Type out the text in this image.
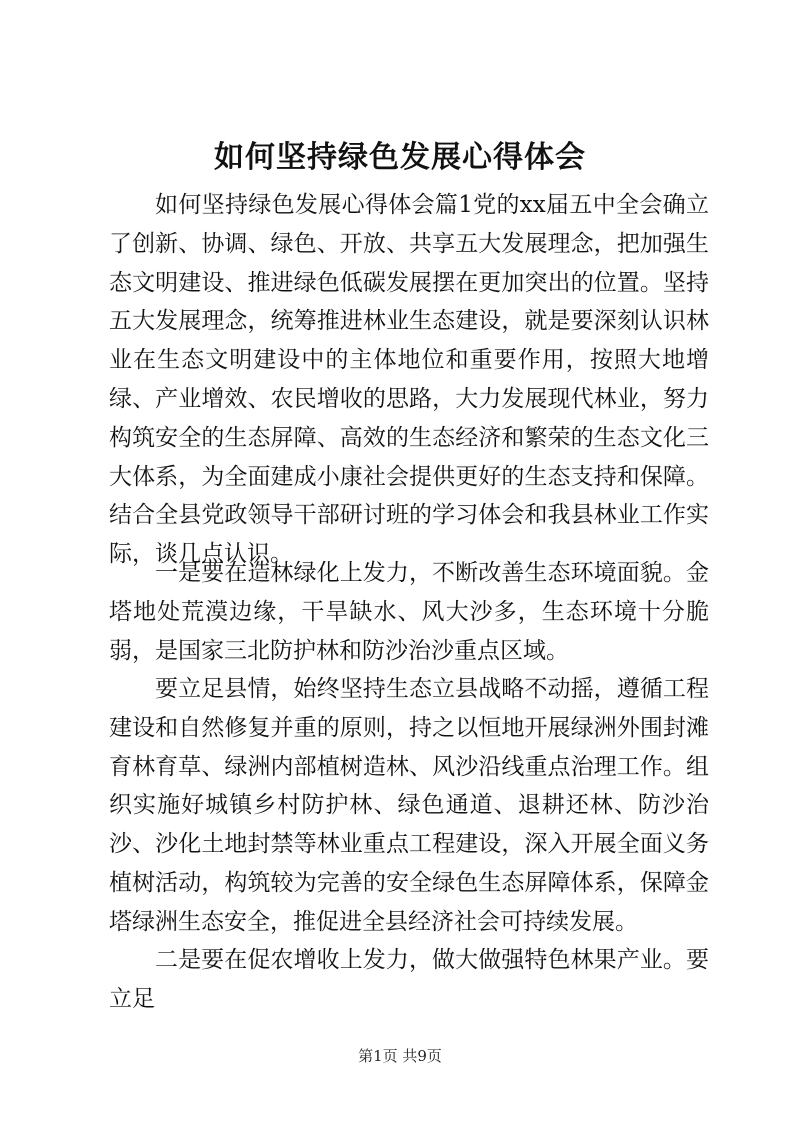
如何坚持绿色发展心得体会

如何坚持绿色发展心得体会篇1党的xx届五中全会确立了创新、协调、绿色、开放、共享五大发展理念，把加强生态文明建设、推进绿色低碳发展摆在更加突出的位置。坚持五大发展理念，统筹推进林业生态建设，就是要深刻认识林业在生态文明建设中的主体地位和重要作用，按照大地增绿、产业增效、农民增收的思路，大力发展现代林业，努力构筑安全的生态屏障、高效的生态经济和繁荣的生态文化三大体系，为全面建成小康社会提供更好的生态支持和保障。结合全县党政领导干部研讨班的学习体会和我县林业工作实际，谈几点认识。

一是要在造林绿化上发力，不断改善生态环境面貌。金塔地处荒漠边缘，干旱缺水、风大沙多，生态环境十分脆弱，是国家三北防护林和防沙治沙重点区域。

要立足县情，始终坚持生态立县战略不动摇，遵循工程建设和自然修复并重的原则，持之以恒地开展绿洲外围封滩育林育草、绿洲内部植树造林、风沙沿线重点治理工作。组织实施好城镇乡村防护林、绿色通道、退耕还林、防沙治沙、沙化土地封禁等林业重点工程建设，深入开展全面义务植树活动，构筑较为完善的安全绿色生态屏障体系，保障金塔绿洲生态安全，推促进全县经济社会可持续发展。

二是要在促农增收上发力，做大做强特色林果产业。要立足

第1页 共9页
